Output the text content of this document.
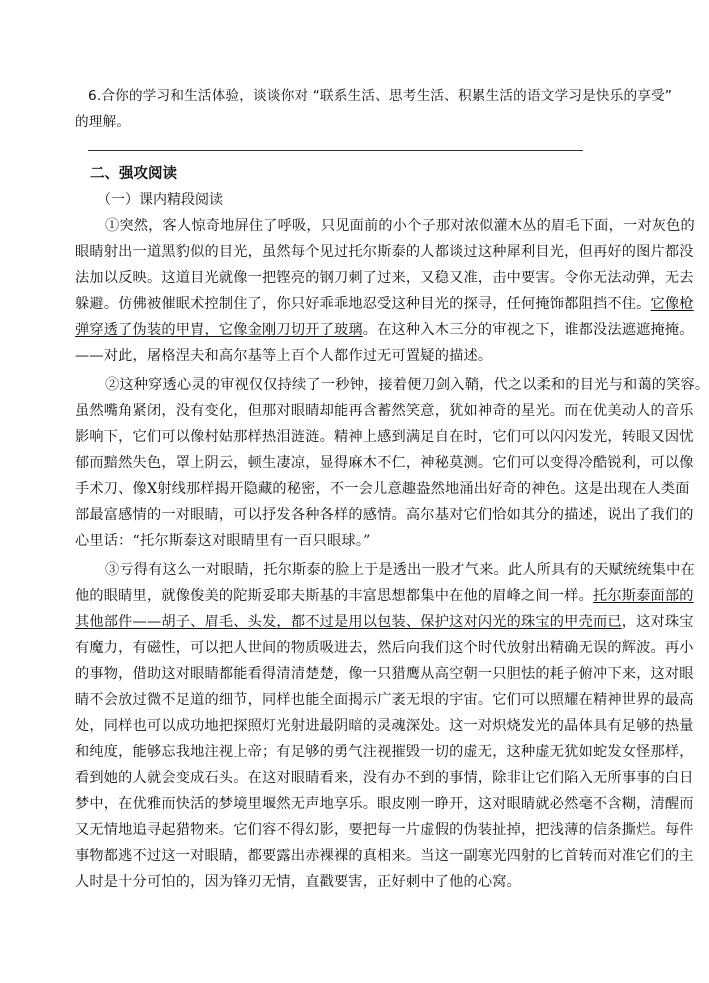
6.合你的学习和生活体验，谈谈你对 “联系生活、思考生活、积累生活的语文学习是快乐的享受”
的理解。
二、强攻阅读
（一）课内精段阅读
①突然，客人惊奇地屏住了呼吸，只见面前的小个子那对浓似灌木丛的眉毛下面，一对灰色的
眼睛射出一道黑豹似的目光，虽然每个见过托尔斯泰的人都谈过这种犀利目光，但再好的图片都没
法加以反映。这道目光就像一把铿亮的钢刀刺了过来，又稳又准，击中要害。令你无法动弹，无去
躲避。仿佛被催眠术控制住了，你只好乖乖地忍受这种目光的探寻，任何掩饰都阻挡不住。它像枪
弹穿透了伪装的甲胄，它像金刚刀切开了玻璃。在这种入木三分的审视之下，谁都没法遮遮掩掩。
——对此，屠格涅夫和高尔基等上百个人都作过无可置疑的描述。
②这种穿透心灵的审视仅仅持续了一秒钟，接着便刀剑入鞘，代之以柔和的目光与和蔼的笑容。
虽然嘴角紧闭，没有变化，但那对眼睛却能再含蓄然笑意，犹如神奇的星光。而在优美动人的音乐
影响下，它们可以像村姑那样热泪涟涟。精神上感到满足自在时，它们可以闪闪发光，转眼又因忧
郁而黯然失色，罩上阴云，顿生凄凉，显得麻木不仁，神秘莫测。它们可以变得冷酷锐利，可以像
手术刀、像X射线那样揭开隐藏的秘密，不一会儿意趣盎然地涌出好奇的神色。这是出现在人类面
部最富感情的一对眼睛，可以抒发各种各样的感情。高尔基对它们恰如其分的描述，说出了我们的
心里话：“托尔斯泰这对眼睛里有一百只眼球。”
③亏得有这么一对眼睛，托尔斯泰的脸上于是透出一股才气来。此人所具有的天赋统统集中在
他的眼睛里，就像俊美的陀斯妥耶夫斯基的丰富思想都集中在他的眉峰之间一样。托尔斯泰面部的
其他部件——胡子、眉毛、头发，都不过是用以包装、保护这对闪光的珠宝的甲壳而已，这对珠宝
有魔力，有磁性，可以把人世间的物质吸进去，然后向我们这个时代放射出精确无误的辉波。再小
的事物，借助这对眼睛都能看得清清楚楚，像一只猎鹰从高空朝一只胆怯的耗子俯冲下来，这对眼
睛不会放过微不足道的细节，同样也能全面揭示广袤无垠的宇宙。它们可以照耀在精神世界的最高
处，同样也可以成功地把探照灯光射进最阴暗的灵魂深处。这一对炽烧发光的晶体具有足够的热量
和纯度，能够忘我地注视上帝；有足够的勇气注视摧毁一切的虚无，这种虚无犹如蛇发女怪那样，
看到她的人就会变成石头。在这对眼睛看来，没有办不到的事情，除非让它们陷入无所事事的白日
梦中，在优雅而快活的梦境里堰然无声地享乐。眼皮刚一睁开，这对眼睛就必然毫不含糊，清醒而
又无情地追寻起猎物来。它们容不得幻影，要把每一片虚假的伪装扯掉，把浅薄的信条撕烂。每件
事物都逃不过这一对眼睛，都要露出赤裸裸的真相来。当这一副寒光四射的匕首转而对准它们的主
人时是十分可怕的，因为锋刃无情，直戳要害，正好刺中了他的心窝。
